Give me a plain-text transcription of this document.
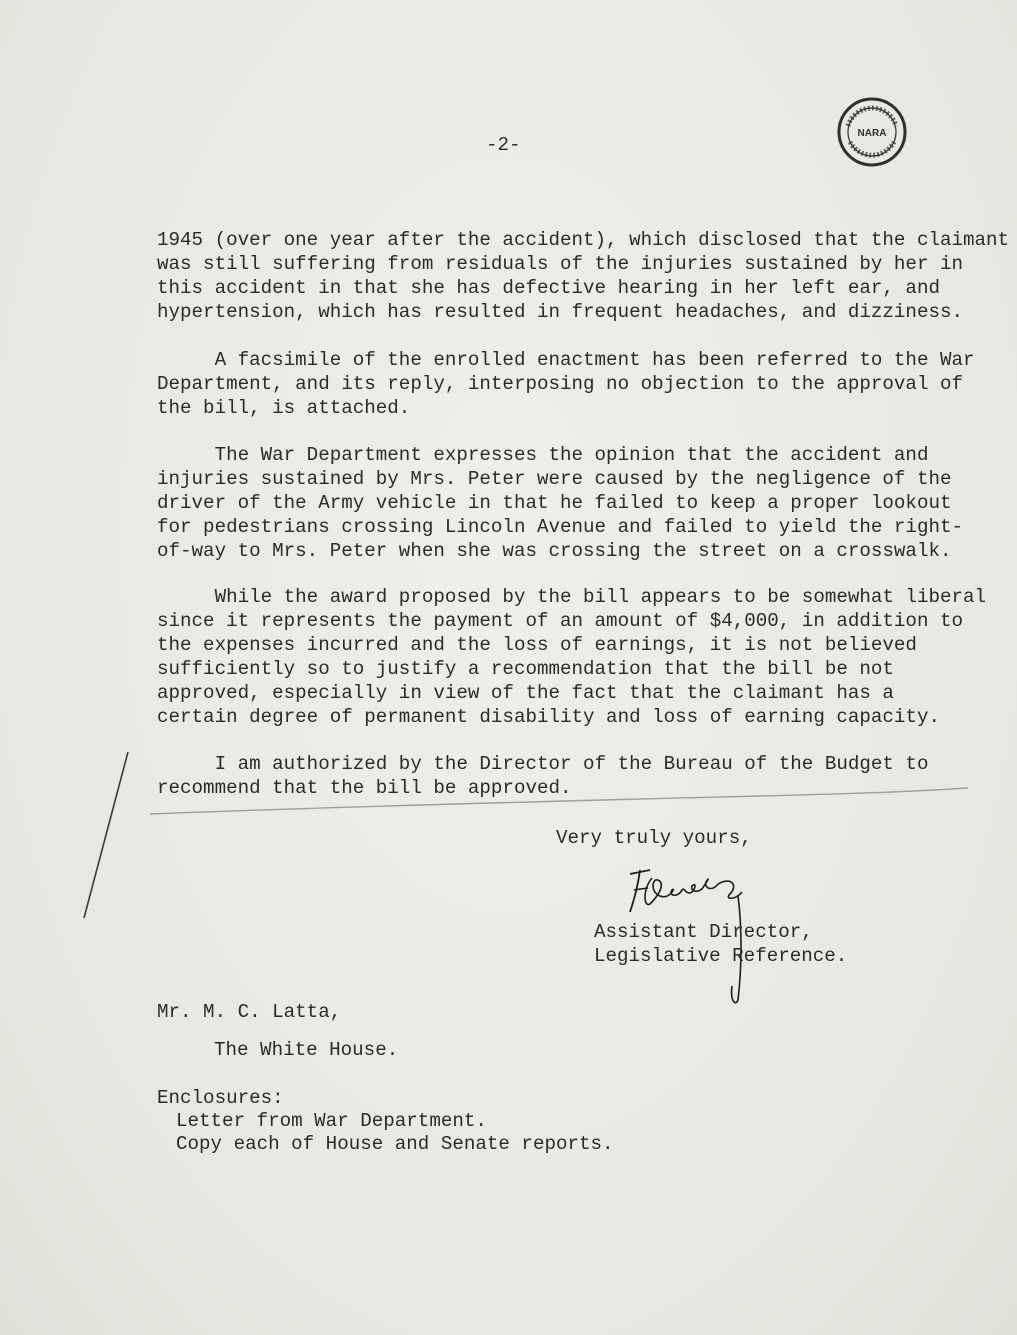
NARA
-2-
1945 (over one year after the accident), which disclosed that the claimant
was still suffering from residuals of the injuries sustained by her in
this accident in that she has defective hearing in her left ear, and
hypertension, which has resulted in frequent headaches, and dizziness.
A facsimile of the enrolled enactment has been referred to the War
Department, and its reply, interposing no objection to the approval of
the bill, is attached.
The War Department expresses the opinion that the accident and
injuries sustained by Mrs. Peter were caused by the negligence of the
driver of the Army vehicle in that he failed to keep a proper lookout
for pedestrians crossing Lincoln Avenue and failed to yield the right-
of-way to Mrs. Peter when she was crossing the street on a crosswalk.
While the award proposed by the bill appears to be somewhat liberal
since it represents the payment of an amount of $4,000, in addition to
the expenses incurred and the loss of earnings, it is not believed
sufficiently so to justify a recommendation that the bill be not
approved, especially in view of the fact that the claimant has a
certain degree of permanent disability and loss of earning capacity.
I am authorized by the Director of the Bureau of the Budget to
recommend that the bill be approved.
Very truly yours,
Assistant Director,
Legislative Reference.
Mr. M. C. Latta,
The White House.
Enclosures:
Letter from War Department.
Copy each of House and Senate reports.
